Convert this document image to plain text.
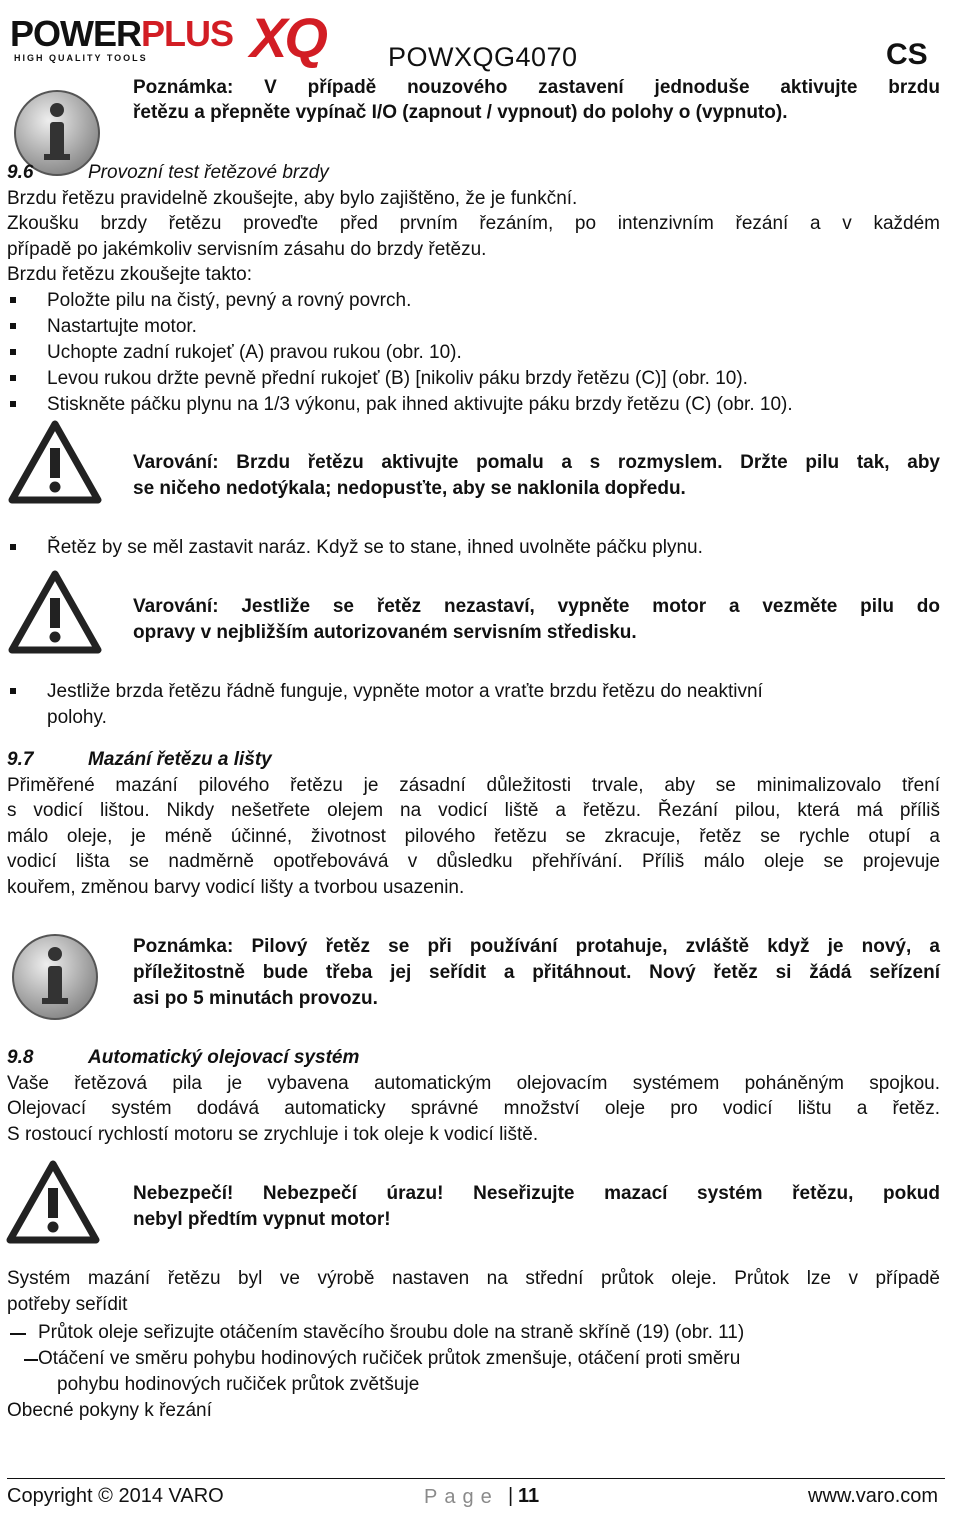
POWERPLUS
HIGH QUALITY TOOLS XQ POWXQG4070	CS
Poznámka: V případě nouzového zastavení jednoduše aktivujte brzdu
řetězu a přepněte vypínač I/O (zapnout / vypnout) do polohy o (vypnuto).
9.6	Provozní test řetězové brzdy
Brzdu řetězu pravidelně zkoušejte, aby bylo zajištěno, že je funkční.
Zkoušku brzdy řetězu proveďte před prvním řezáním, po intenzivním řezání a v každém
případě po jakémkoliv servisním zásahu do brzdy řetězu.
Brzdu řetězu zkoušejte takto:
Položte pilu na čistý, pevný a rovný povrch.
Nastartujte motor.
Uchopte zadní rukojeť (A) pravou rukou (obr. 10).
Levou rukou držte pevně přední rukojeť (B) [nikoliv páku brzdy řetězu (C)] (obr. 10).
Stiskněte páčku plynu na 1/3 výkonu, pak ihned aktivujte páku brzdy řetězu (C) (obr. 10).
Varování: Brzdu řetězu aktivujte pomalu a s rozmyslem. Držte pilu tak, aby
se ničeho nedotýkala; nedopusťte, aby se naklonila dopředu.
Řetěz by se měl zastavit naráz. Když se to stane, ihned uvolněte páčku plynu.
Varování: Jestliže se řetěz nezastaví, vypněte motor a vezměte pilu do
opravy v nejbližším autorizovaném servisním středisku.
Jestliže brzda řetězu řádně funguje, vypněte motor a vraťte brzdu řetězu do neaktivní
polohy.
9.7	Mazání řetězu a lišty
Přiměřené mazání pilového řetězu je zásadní důležitosti trvale, aby se minimalizovalo tření
s vodicí lištou. Nikdy nešetřete olejem na vodicí liště a řetězu. Řezání pilou, která má příliš
málo oleje, je méně účinné, životnost pilového řetězu se zkracuje, řetěz se rychle otupí a
vodicí lišta se nadměrně opotřebovává v důsledku přehřívání. Příliš málo oleje se projevuje
kouřem, změnou barvy vodicí lišty a tvorbou usazenin.
Poznámka: Pilový řetěz se při používání protahuje, zvláště když je nový, a
příležitostně bude třeba jej seřídit a přitáhnout. Nový řetěz si žádá seřízení
asi po 5 minutách provozu.
9.8	Automatický olejovací systém
Vaše řetězová pila je vybavena automatickým olejovacím systémem poháněným spojkou.
Olejovací systém dodává automaticky správné množství oleje pro vodicí lištu a řetěz.
S rostoucí rychlostí motoru se zrychluje i tok oleje k vodicí liště.
Nebezpečí! Nebezpečí úrazu! Neseřizujte mazací systém řetězu, pokud
nebyl předtím vypnut motor!
Systém mazání řetězu byl ve výrobě nastaven na střední průtok oleje. Průtok lze v případě
potřeby seřídit
Průtok oleje seřizujte otáčením stavěcího šroubu dole na straně skříně (19) (obr. 11)
Otáčení ve směru pohybu hodinových ručiček průtok zmenšuje, otáčení proti směru
pohybu hodinových ručiček průtok zvětšuje
Obecné pokyny k řezání
Copyright © 2014 VARO	Page | 11	www.varo.com
